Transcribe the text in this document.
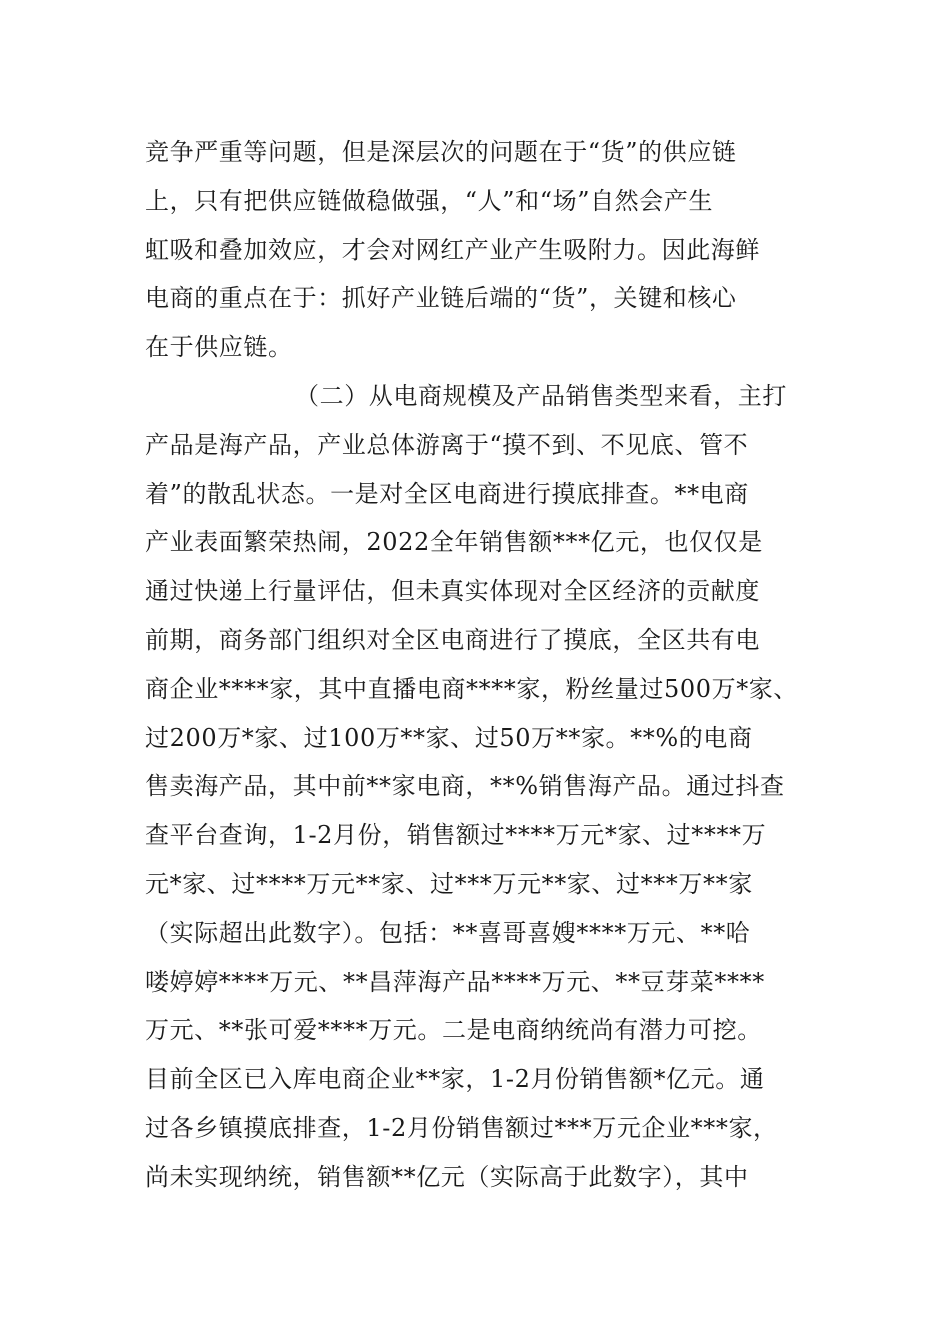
竞争严重等问题，但是深层次的问题在于“货”的供应链
上，只有把供应链做稳做强，“人”和“场”自然会产生
虹吸和叠加效应，才会对网红产业产生吸附力。因此海鲜
电商的重点在于：抓好产业链后端的“货”，关键和核心
在于供应链。
（二）从电商规模及产品销售类型来看，主打
产品是海产品，产业总体游离于“摸不到、不见底、管不
着”的散乱状态。一是对全区电商进行摸底排查。**电商
产业表面繁荣热闹，2022全年销售额***亿元，也仅仅是
通过快递上行量评估，但未真实体现对全区经济的贡献度
前期，商务部门组织对全区电商进行了摸底，全区共有电
商企业****家，其中直播电商****家，粉丝量过500万*家、
过200万*家、过100万**家、过50万**家。**%的电商
售卖海产品，其中前**家电商，**%销售海产品。通过抖查
查平台查询，1-2月份，销售额过****万元*家、过****万
元*家、过****万元**家、过***万元**家、过***万**家
（实际超出此数字）。包括：**喜哥喜嫂****万元、**哈
喽婷婷****万元、**昌萍海产品****万元、**豆芽菜****
万元、**张可爱****万元。二是电商纳统尚有潜力可挖。
目前全区已入库电商企业**家，1-2月份销售额*亿元。通
过各乡镇摸底排查，1-2月份销售额过***万元企业***家，
尚未实现纳统，销售额**亿元（实际高于此数字），其中
